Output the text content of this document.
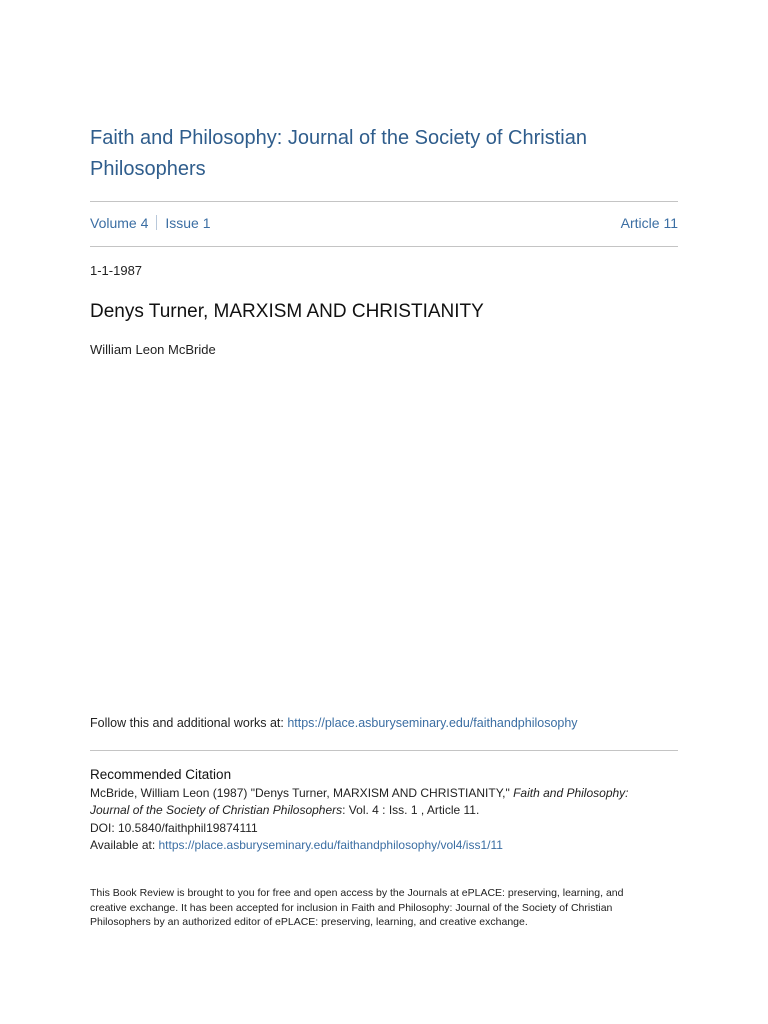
Faith and Philosophy: Journal of the Society of Christian
Philosophers
Volume 4 Issue 1	Article 11
1-1-1987
Denys Turner, MARXISM AND CHRISTIANITY
William Leon McBride
Follow this and additional works at: https://place.asburyseminary.edu/faithandphilosophy
Recommended Citation
McBride, William Leon (1987) "Denys Turner, MARXISM AND CHRISTIANITY," Faith and Philosophy:
Journal of the Society of Christian Philosophers: Vol. 4 : Iss. 1 , Article 11.
DOI: 10.5840/faithphil19874111
Available at: https://place.asburyseminary.edu/faithandphilosophy/vol4/iss1/11
This Book Review is brought to you for free and open access by the Journals at ePLACE: preserving, learning, and
creative exchange. It has been accepted for inclusion in Faith and Philosophy: Journal of the Society of Christian
Philosophers by an authorized editor of ePLACE: preserving, learning, and creative exchange.
